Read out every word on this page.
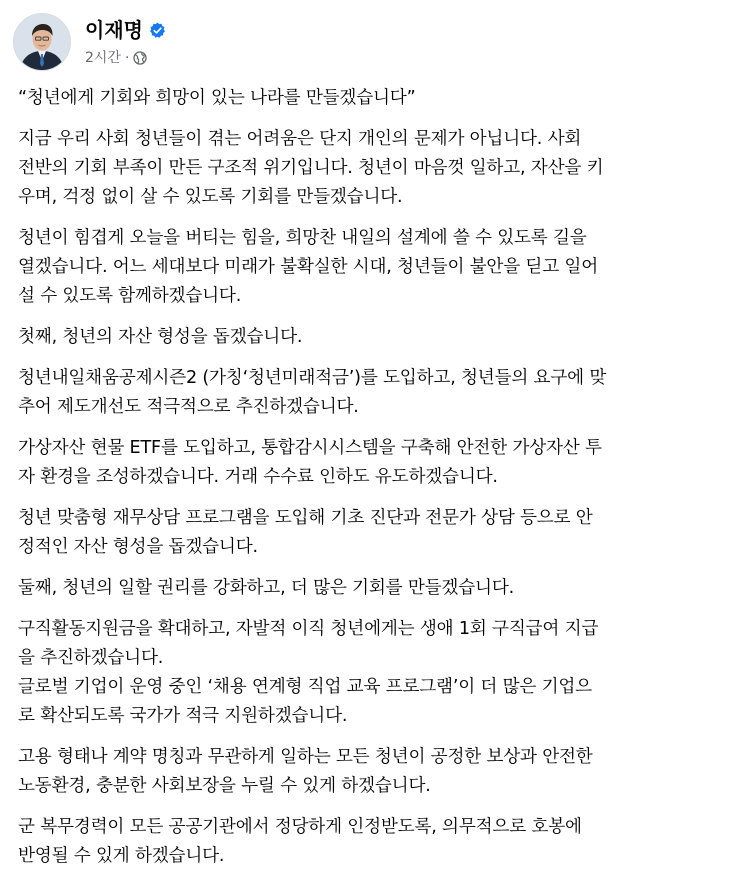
이재명
2시간 ·

“청년에게 기회와 희망이 있는 나라를 만들겠습니다”

지금 우리 사회 청년들이 겪는 어려움은 단지 개인의 문제가 아닙니다. 사회
전반의 기회 부족이 만든 구조적 위기입니다. 청년이 마음껏 일하고, 자산을 키
우며, 걱정 없이 살 수 있도록 기회를 만들겠습니다.

청년이 힘겹게 오늘을 버티는 힘을, 희망찬 내일의 설계에 쓸 수 있도록 길을
열겠습니다. 어느 세대보다 미래가 불확실한 시대, 청년들이 불안을 딛고 일어
설 수 있도록 함께하겠습니다.

첫째, 청년의 자산 형성을 돕겠습니다.

청년내일채움공제시즌2 (가칭‘청년미래적금’)를 도입하고, 청년들의 요구에 맞
추어 제도개선도 적극적으로 추진하겠습니다.

가상자산 현물 ETF를 도입하고, 통합감시시스템을 구축해 안전한 가상자산 투
자 환경을 조성하겠습니다. 거래 수수료 인하도 유도하겠습니다.

청년 맞춤형 재무상담 프로그램을 도입해 기초 진단과 전문가 상담 등으로 안
정적인 자산 형성을 돕겠습니다.

둘째, 청년의 일할 권리를 강화하고, 더 많은 기회를 만들겠습니다.

구직활동지원금을 확대하고, 자발적 이직 청년에게는 생애 1회 구직급여 지급
을 추진하겠습니다.
글로벌 기업이 운영 중인 ‘채용 연계형 직업 교육 프로그램’이 더 많은 기업으
로 확산되도록 국가가 적극 지원하겠습니다.

고용 형태나 계약 명칭과 무관하게 일하는 모든 청년이 공정한 보상과 안전한
노동환경, 충분한 사회보장을 누릴 수 있게 하겠습니다.

군 복무경력이 모든 공공기관에서 정당하게 인정받도록, 의무적으로 호봉에
반영될 수 있게 하겠습니다.
